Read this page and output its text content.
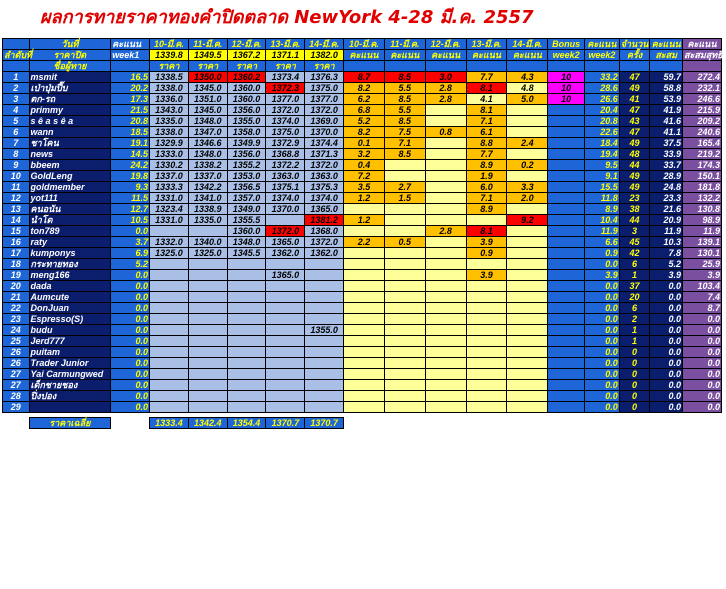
ผลการทายราคาทองคำปิดตลาด NewYork 4-28 มี.ค. 2557
	วันที่	คะแนน	10-มี.ค.	11-มี.ค.	12-มี.ค.	13-มี.ค.	14-มี.ค.	10-มี.ค.	11-มี.ค.	12-มี.ค.	13-มี.ค.	14-มี.ค.	Bonus	คะแนน	จำนวน	คะแนน	คะแนน
ลำดับที่	ราคาปิด	week1	1339.8	1349.5	1367.2	1371.1	1382.0	คะแนน	คะแนน	คะแนน	คะแนน	คะแนน	week2	week2	ครั้ง	สะสม	สะสมสุทธิ
	ชื่อผู้ทาย		ราคา	ราคา	ราคา	ราคา	ราคา										
1	msmit	16.5	1338.5	1350.0	1360.2	1373.4	1376.3	8.7	8.5	3.0	7.7	4.3	10	33.2	47	59.7	272.4
2	เป่าปุ่มปี๊บ	20.2	1338.0	1345.0	1360.0	1372.3	1375.0	8.2	5.5	2.8	8.1	4.8	10	28.6	49	58.8	232.1
3	ตก-รถ	17.3	1336.0	1351.0	1360.0	1377.0	1377.0	6.2	8.5	2.8	4.1	5.0	10	26.6	41	53.9	246.6
4	primmy	21.5	1343.0	1345.0	1356.0	1372.0	1372.0	6.8	5.5		8.1			20.4	47	41.9	215.9
5	s ê a s ê a	20.8	1335.0	1348.0	1355.0	1374.0	1369.0	5.2	8.5		7.1			20.8	43	41.6	209.2
6	wann	18.5	1338.0	1347.0	1358.0	1375.0	1370.0	8.2	7.5	0.8	6.1			22.6	47	41.1	240.6
7	ชาโคน	19.1	1329.9	1346.6	1349.9	1372.9	1374.4	0.1	7.1		8.8	2.4		18.4	49	37.5	165.4
8	news	14.5	1333.0	1348.0	1356.0	1368.8	1371.3	3.2	8.5		7.7			19.4	48	33.9	219.2
9	bbeem	24.2	1330.2	1338.2	1355.2	1372.2	1372.0	0.4			8.9	0.2		9.5	44	33.7	174.3
10	GoldLeng	19.8	1337.0	1337.0	1353.0	1363.0	1363.0	7.2			1.9			9.1	49	28.9	150.1
11	goldmember	9.3	1333.3	1342.2	1356.5	1375.1	1375.3	3.5	2.7		6.0	3.3		15.5	49	24.8	181.8
12	yot111	11.5	1331.0	1341.0	1357.0	1374.0	1374.0	1.2	1.5		7.1	2.0		11.8	23	23.3	132.2
13	คนอนัน	12.7	1323.4	1338.9	1349.0	1370.0	1365.0				8.9			8.9	38	21.6	130.8
14	นำโด	10.5	1331.0	1335.0	1355.5		1381.2	1.2				9.2		10.4	44	20.9	98.9
15	ton789	0.0			1360.0	1372.0	1368.0			2.8	8.1			11.9	3	11.9	11.9
16	raty	3.7	1332.0	1340.0	1348.0	1365.0	1372.0	2.2	0.5		3.9			6.6	45	10.3	139.1
17	kumponys	6.9	1325.0	1325.0	1345.5	1362.0	1362.0				0.9			0.9	42	7.8	130.1
18	กระทายทอง	5.2												0.0	6	5.2	25.9
19	meng166	0.0				1365.0					3.9			3.9	1	3.9	3.9
20	dada	0.0												0.0	37	0.0	103.4
21	Aumcute	0.0												0.0	20	0.0	7.4
22	DonJuan	0.0												0.0	6	0.0	8.7
23	Espresso(S)	0.0												0.0	2	0.0	0.0
24	budu	0.0					1355.0							0.0	1	0.0	0.0
25	Jerd777	0.0												0.0	1	0.0	0.0
26	puitam	0.0												0.0	0	0.0	0.0
26	Trader Junior	0.0												0.0	0	0.0	0.0
27	Yai Carmungwed	0.0												0.0	0	0.0	0.0
27	เด็กชายชอง	0.0												0.0	0	0.0	0.0
28	ปิ่งปอง	0.0												0.0	0	0.0	0.0
29		0.0												0.0	0	0.0	0.0

	ราคาเฉลี่ย		1333.4	1342.4	1354.4	1370.7	1370.7										
